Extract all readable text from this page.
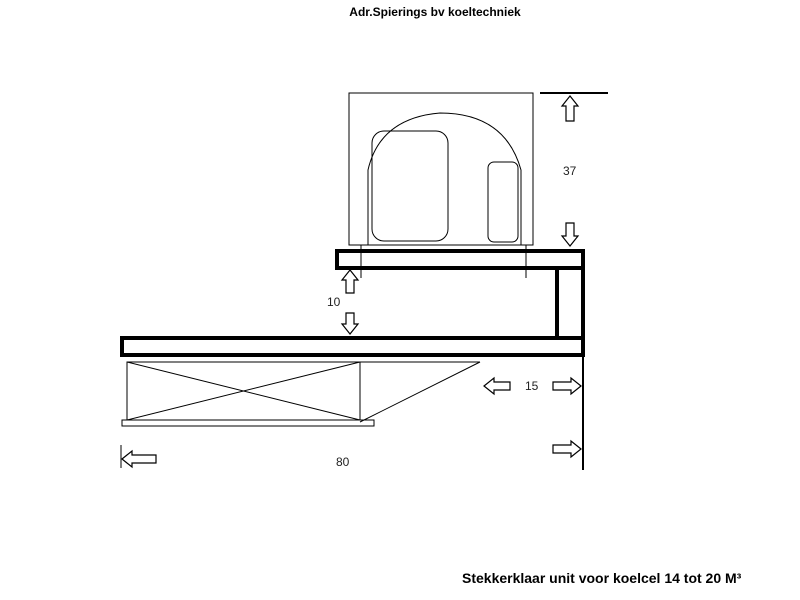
Adr.Spierings bv koeltechniek
37
10
15
80
Stekkerklaar unit voor koelcel 14 tot 20 M³
